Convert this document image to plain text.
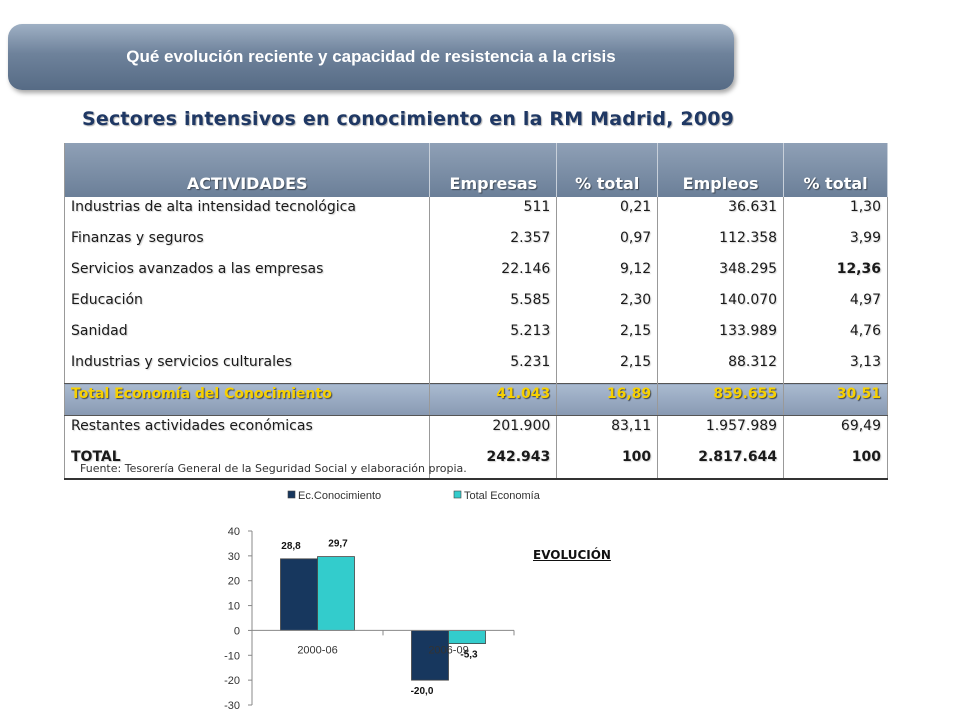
Qué evolución reciente y capacidad de resistencia a la crisis
Sectores intensivos en conocimiento en la RM Madrid, 2009
ACTIVIDADES	Empresas	% total	Empleos	% total
Industrias de alta intensidad tecnológica	511	0,21	36.631	1,30
Finanzas y seguros	2.357	0,97	112.358	3,99
Servicios avanzados a las empresas	22.146	9,12	348.295	12,36
Educación	5.585	2,30	140.070	4,97
Sanidad	5.213	2,15	133.989	4,76
Industrias y servicios culturales	5.231	2,15	88.312	3,13
Total Economía del Conocimiento	41.043	16,89	859.655	30,51
Restantes actividades económicas	201.900	83,11	1.957.989	69,49
TOTAL	242.943	100	2.817.644	100
Fuente: Tesorería General de la Seguridad Social y elaboración propia.
40
30
20
10
0
-10
-20
-30
28,8	29,7
-20,0
-5,3
2000-06	2006-09
Ec.Conocimiento	Total Economía
EVOLUCIÓN
